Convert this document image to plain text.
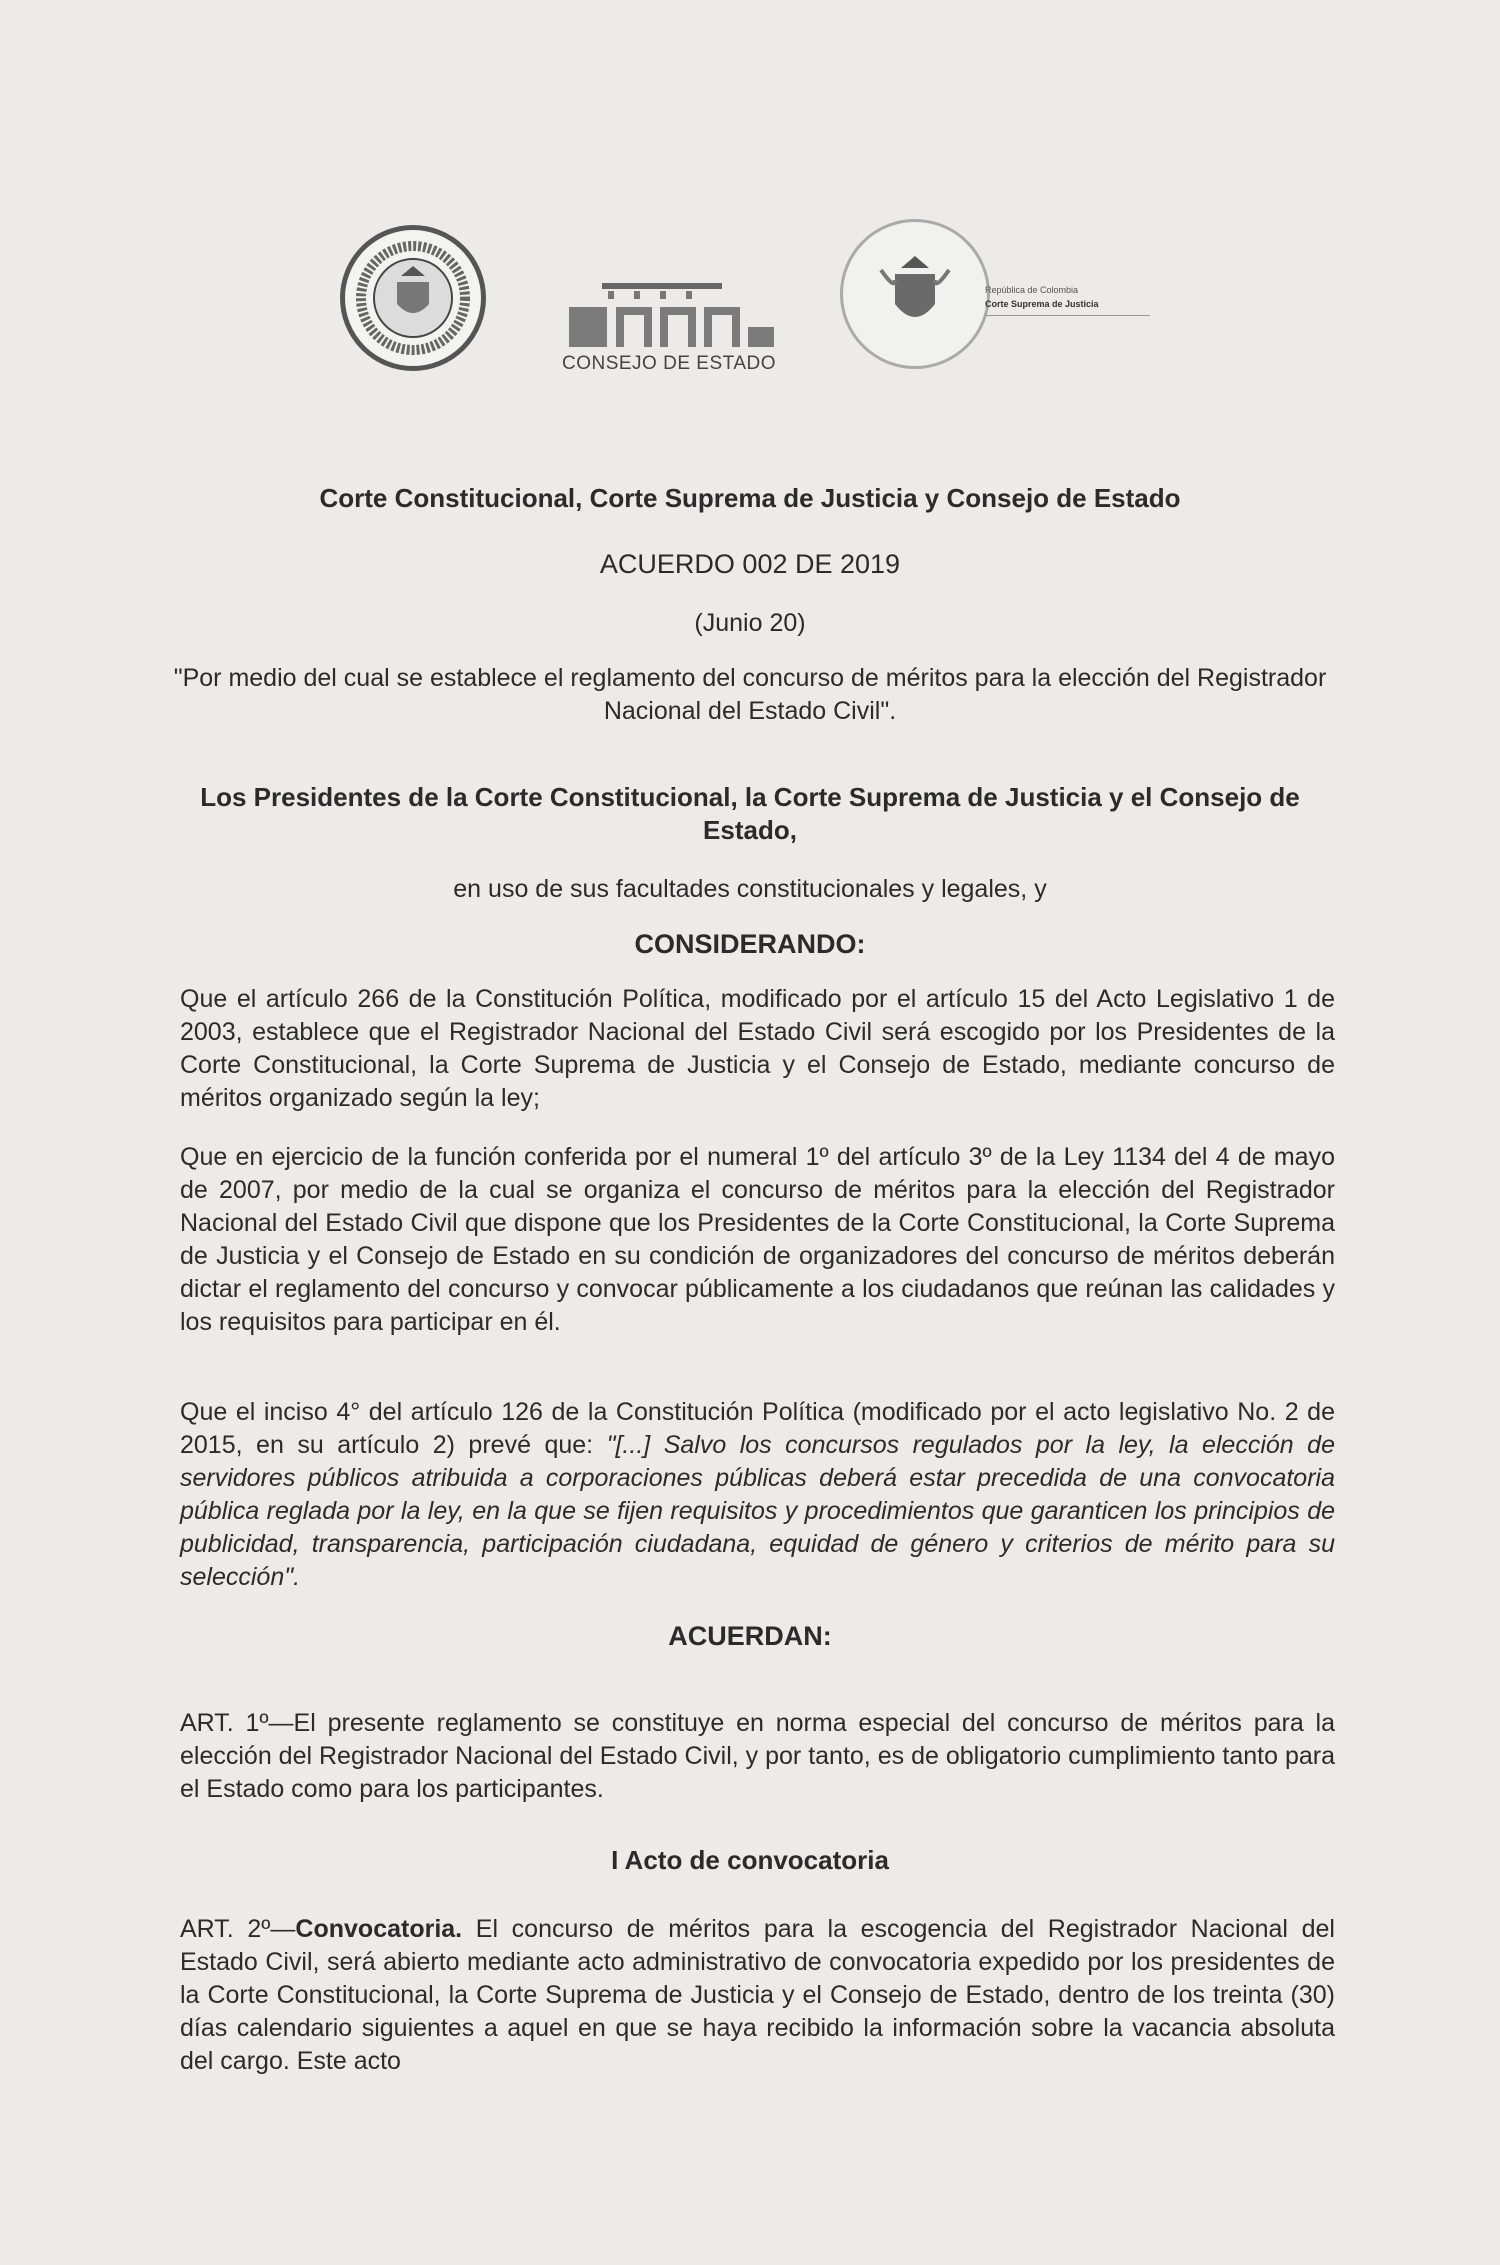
CONSEJO DE ESTADO
República de Colombia
Corte Suprema de Justicia
Corte Constitucional, Corte Suprema de Justicia y Consejo de Estado
ACUERDO 002 DE 2019
(Junio 20)
"Por medio del cual se establece el reglamento del concurso de méritos para la elección del Registrador Nacional del Estado Civil".
Los Presidentes de la Corte Constitucional, la Corte Suprema de Justicia y el Consejo de Estado,
en uso de sus facultades constitucionales y legales, y
CONSIDERANDO:

Que el artículo 266 de la Constitución Política, modificado por el artículo 15 del Acto Legislativo 1 de 2003, establece que el Registrador Nacional del Estado Civil será escogido por los Presidentes de la Corte Constitucional, la Corte Suprema de Justicia y el Consejo de Estado, mediante concurso de méritos organizado según la ley;

Que en ejercicio de la función conferida por el numeral 1º del artículo 3º de la Ley 1134 del 4 de mayo de 2007, por medio de la cual se organiza el concurso de méritos para la elección del Registrador Nacional del Estado Civil que dispone que los Presidentes de la Corte Constitucional, la Corte Suprema de Justicia y el Consejo de Estado en su condición de organizadores del concurso de méritos deberán dictar el reglamento del concurso y convocar públicamente a los ciudadanos que reúnan las calidades y los requisitos para participar en él.

Que el inciso 4° del artículo 126 de la Constitución Política (modificado por el acto legislativo No. 2 de 2015, en su artículo 2) prevé que: "[...] Salvo los concursos regulados por la ley, la elección de servidores públicos atribuida a corporaciones públicas deberá estar precedida de una convocatoria pública reglada por la ley, en la que se fijen requisitos y procedimientos que garanticen los principios de publicidad, transparencia, participación ciudadana, equidad de género y criterios de mérito para su selección".

ACUERDAN:

ART. 1º—El presente reglamento se constituye en norma especial del concurso de méritos para la elección del Registrador Nacional del Estado Civil, y por tanto, es de obligatorio cumplimiento tanto para el Estado como para los participantes.

I Acto de convocatoria

ART. 2º—Convocatoria. El concurso de méritos para la escogencia del Registrador Nacional del Estado Civil, será abierto mediante acto administrativo de convocatoria expedido por los presidentes de la Corte Constitucional, la Corte Suprema de Justicia y el Consejo de Estado, dentro de los treinta (30) días calendario siguientes a aquel en que se haya recibido la información sobre la vacancia absoluta del cargo. Este acto
